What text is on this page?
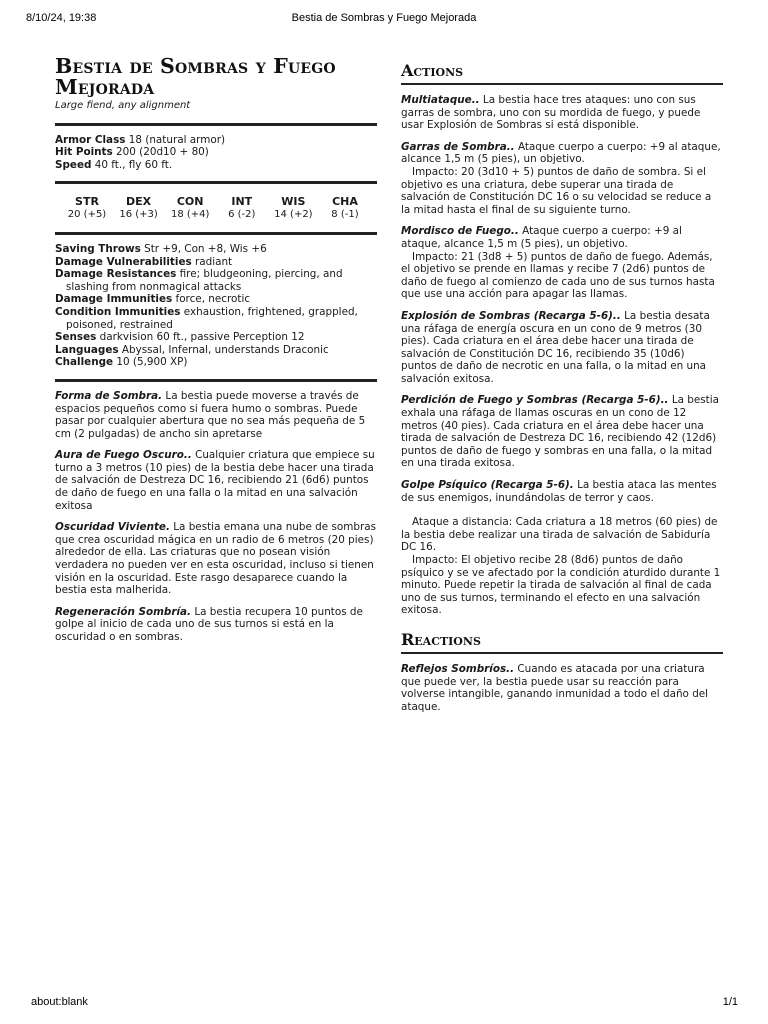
8/10/24, 19:38	Bestia de Sombras y Fuego Mejorada
Bestia de Sombras y Fuego
Mejorada

Large fiend, any alignment

Armor Class 18 (natural armor)

Hit Points 200 (20d10 + 80)

Speed 40 ft., fly 60 ft.

STR
20 (+5)
DEX
16 (+3)
CON
18 (+4)
INT
6 (-2)
WIS
14 (+2)
CHA
8 (-1)

Saving Throws Str +9, Con +8, Wis +6

Damage Vulnerabilities radiant

Damage Resistances fire; bludgeoning, piercing, and slashing from nonmagical attacks

Damage Immunities force, necrotic

Condition Immunities exhaustion, frightened, grappled, poisoned, restrained

Senses darkvision 60 ft., passive Perception 12

Languages Abyssal, Infernal, understands Draconic

Challenge 10 (5,900 XP)

Forma de Sombra. La bestia puede moverse a través de espacios pequeños como si fuera humo o sombras. Puede pasar por cualquier abertura que no sea más pequeña de 5 cm (2 pulgadas) de ancho sin apretarse

Aura de Fuego Oscuro.. Cualquier criatura que empiece su turno a 3 metros (10 pies) de la bestia debe hacer una tirada de salvación de Destreza DC 16, recibiendo 21 (6d6) puntos de daño de fuego en una falla o la mitad en una salvación exitosa

Oscuridad Viviente. La bestia emana una nube de sombras que crea oscuridad mágica en un radio de 6 metros (20 pies) alrededor de ella. Las criaturas que no posean visión verdadera no pueden ver en esta oscuridad, incluso si tienen visión en la oscuridad. Este rasgo desaparece cuando la bestia esta malherida.

Regeneración Sombría. La bestia recupera 10 puntos de golpe al inicio de cada uno de sus turnos si está en la oscuridad o en sombras.

Actions

Multiataque.. La bestia hace tres ataques: uno con sus garras de sombra, uno con su mordida de fuego, y puede usar Explosión de Sombras si está disponible.

Garras de Sombra.. Ataque cuerpo a cuerpo: +9 al ataque, alcance 1,5 m (5 pies), un objetivo.

Impacto: 20 (3d10 + 5) puntos de daño de sombra. Si el objetivo es una criatura, debe superar una tirada de salvación de Constitución DC 16 o su velocidad se reduce a la mitad hasta el final de su siguiente turno.

Mordisco de Fuego.. Ataque cuerpo a cuerpo: +9 al ataque, alcance 1,5 m (5 pies), un objetivo.

Impacto: 21 (3d8 + 5) puntos de daño de fuego. Además, el objetivo se prende en llamas y recibe 7 (2d6) puntos de daño de fuego al comienzo de cada uno de sus turnos hasta que use una acción para apagar las llamas.

Explosión de Sombras (Recarga 5-6).. La bestia desata una ráfaga de energía oscura en un cono de 9 metros (30 pies). Cada criatura en el área debe hacer una tirada de salvación de Constitución DC 16, recibiendo 35 (10d6) puntos de daño de necrotic en una falla, o la mitad en una salvación exitosa.

Perdición de Fuego y Sombras (Recarga 5-6).. La bestia exhala una ráfaga de llamas oscuras en un cono de 12 metros (40 pies). Cada criatura en el área debe hacer una tirada de salvación de Destreza DC 16, recibiendo 42 (12d6) puntos de daño de fuego y sombras en una falla, o la mitad en una tirada exitosa.

Golpe Psíquico (Recarga 5-6). La bestia ataca las mentes de sus enemigos, inundándolas de terror y caos.

Ataque a distancia: Cada criatura a 18 metros (60 pies) de la bestia debe realizar una tirada de salvación de Sabiduría DC 16.

Impacto: El objetivo recibe 28 (8d6) puntos de daño psíquico y se ve afectado por la condición aturdido durante 1 minuto. Puede repetir la tirada de salvación al final de cada uno de sus turnos, terminando el efecto en una salvación exitosa.

Reactions

Reflejos Sombríos.. Cuando es atacada por una criatura que puede ver, la bestia puede usar su reacción para volverse intangible, ganando inmunidad a todo el daño del ataque.

about:blank	1/1
